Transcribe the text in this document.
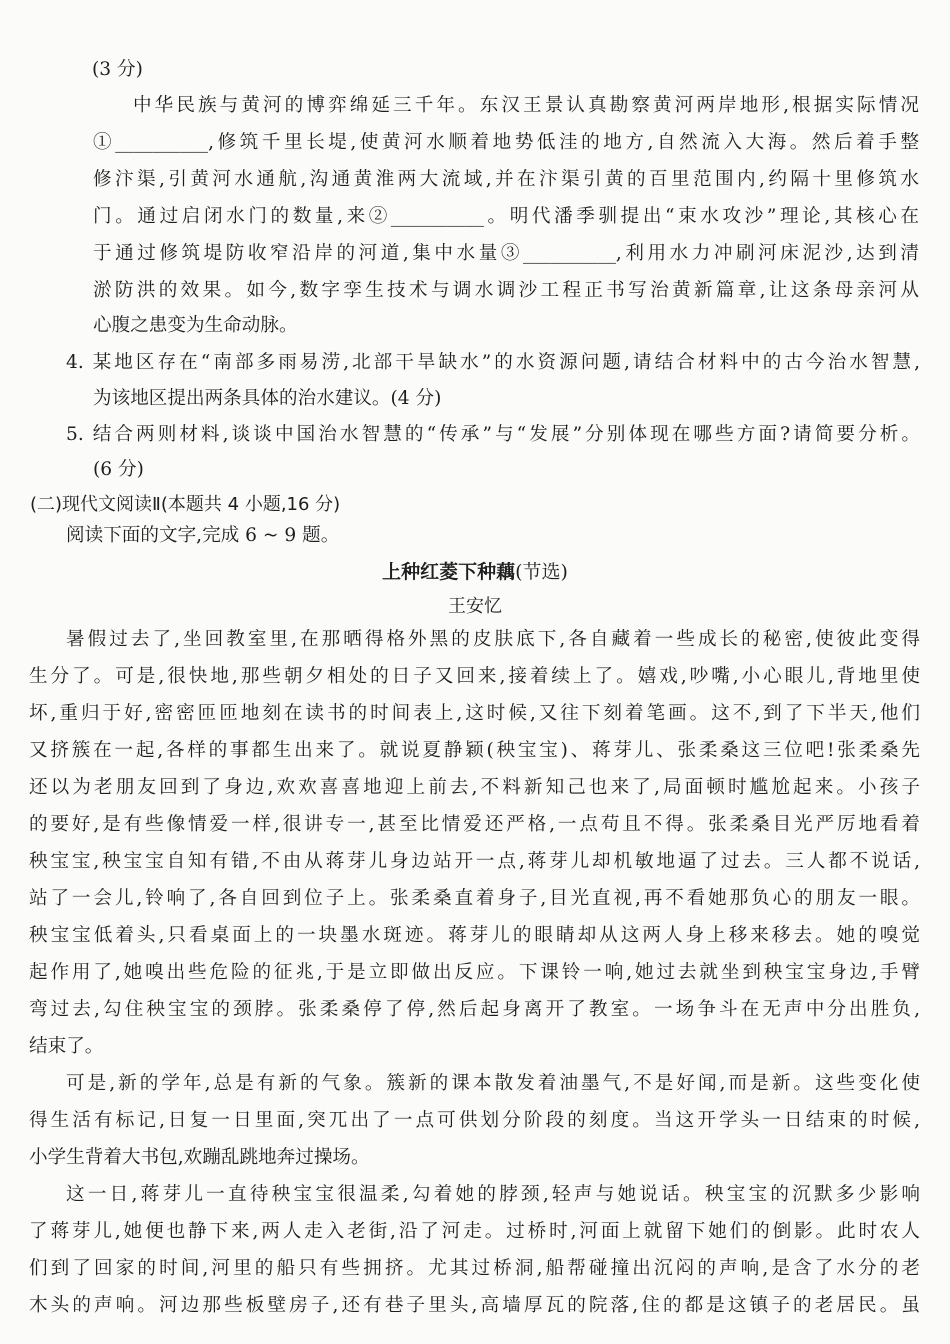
(3 分)
中华民族与黄河的博弈绵延三千年。东汉王景认真勘察黄河两岸地形,根据实际情况
①__________,修筑千里长堤,使黄河水顺着地势低洼的地方,自然流入大海。然后着手整
修汴渠,引黄河水通航,沟通黄淮两大流域,并在汴渠引黄的百里范围内,约隔十里修筑水
门。通过启闭水门的数量,来②__________。明代潘季驯提出“束水攻沙”理论,其核心在
于通过修筑堤防收窄沿岸的河道,集中水量③__________,利用水力冲刷河床泥沙,达到清
淤防洪的效果。如今,数字孪生技术与调水调沙工程正书写治黄新篇章,让这条母亲河从
心腹之患变为生命动脉。
4. 某地区存在“南部多雨易涝,北部干旱缺水”的水资源问题,请结合材料中的古今治水智慧,
为该地区提出两条具体的治水建议。(4 分)
5. 结合两则材料,谈谈中国治水智慧的“传承”与“发展”分别体现在哪些方面?请简要分析。
(6 分)
(二)现代文阅读Ⅱ(本题共 4 小题,16 分)
阅读下面的文字,完成 6 ~ 9 题。
上种红菱下种藕(节选)
王安忆
暑假过去了,坐回教室里,在那晒得格外黑的皮肤底下,各自藏着一些成长的秘密,使彼此变得
生分了。可是,很快地,那些朝夕相处的日子又回来,接着续上了。嬉戏,吵嘴,小心眼儿,背地里使
坏,重归于好,密密匝匝地刻在读书的时间表上,这时候,又往下刻着笔画。这不,到了下半天,他们
又挤簇在一起,各样的事都生出来了。就说夏静颖(秧宝宝)、蒋芽儿、张柔桑这三位吧!张柔桑先
还以为老朋友回到了身边,欢欢喜喜地迎上前去,不料新知己也来了,局面顿时尴尬起来。小孩子
的要好,是有些像情爱一样,很讲专一,甚至比情爱还严格,一点苟且不得。张柔桑目光严厉地看着
秧宝宝,秧宝宝自知有错,不由从蒋芽儿身边站开一点,蒋芽儿却机敏地逼了过去。三人都不说话,
站了一会儿,铃响了,各自回到位子上。张柔桑直着身子,目光直视,再不看她那负心的朋友一眼。
秧宝宝低着头,只看桌面上的一块墨水斑迹。蒋芽儿的眼睛却从这两人身上移来移去。她的嗅觉
起作用了,她嗅出些危险的征兆,于是立即做出反应。下课铃一响,她过去就坐到秧宝宝身边,手臂
弯过去,勾住秧宝宝的颈脖。张柔桑停了停,然后起身离开了教室。一场争斗在无声中分出胜负,
结束了。
可是,新的学年,总是有新的气象。簇新的课本散发着油墨气,不是好闻,而是新。这些变化使
得生活有标记,日复一日里面,突兀出了一点可供划分阶段的刻度。当这开学头一日结束的时候,
小学生背着大书包,欢蹦乱跳地奔过操场。
这一日,蒋芽儿一直待秧宝宝很温柔,勾着她的脖颈,轻声与她说话。秧宝宝的沉默多少影响
了蒋芽儿,她便也静下来,两人走入老街,沿了河走。过桥时,河面上就留下她们的倒影。此时农人
们到了回家的时间,河里的船只有些拥挤。尤其过桥洞,船帮碰撞出沉闷的声响,是含了水分的老
木头的声响。河边那些板壁房子,还有巷子里头,高墙厚瓦的院落,住的都是这镇子的老居民。虽
